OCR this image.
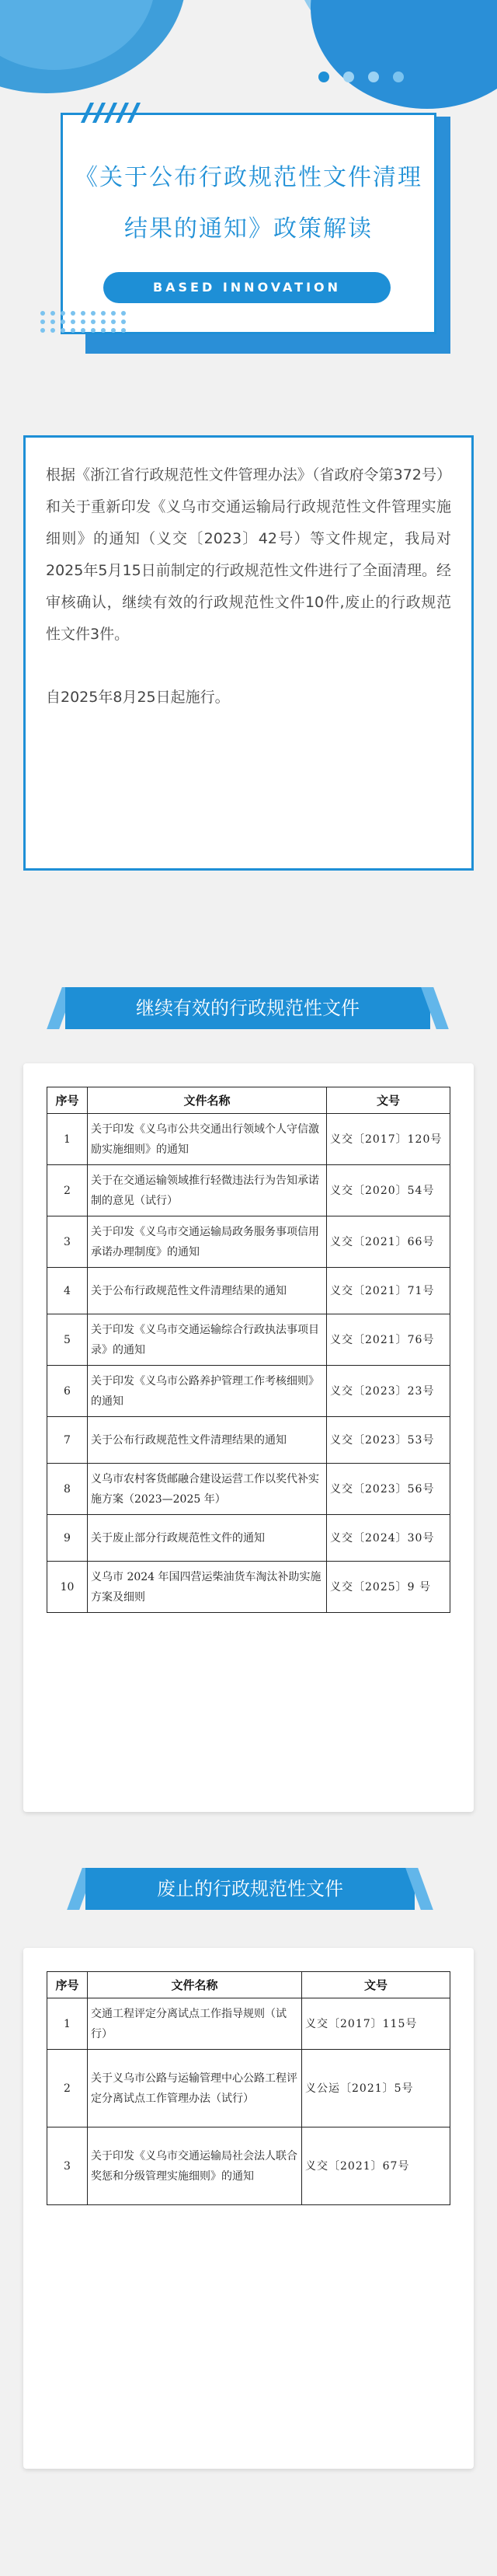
《关于公布行政规范性文件清理结果的通知》政策解读
BASED INNOVATION

根据《浙江省行政规范性文件管理办法》（省政府令第372号）和关于重新印发《义乌市交通运输局行政规范性文件管理实施细则》的通知（义交〔2023〕42号）等文件规定，我局对2025年5月15日前制定的行政规范性文件进行了全面清理。经审核确认，继续有效的行政规范性文件10件,废止的行政规范性文件3件。

自2025年8月25日起施行。

继续有效的行政规范性文件
序号	文件名称	文号
1	关于印发《义乌市公共交通出行领域个人守信激励实施细则》的通知	义交〔2017〕120号
2	关于在交通运输领域推行轻微违法行为告知承诺制的意见（试行）	义交〔2020〕54号
3	关于印发《义乌市交通运输局政务服务事项信用承诺办理制度》的通知	义交〔2021〕66号
4	关于公布行政规范性文件清理结果的通知	义交〔2021〕71号
5	关于印发《义乌市交通运输综合行政执法事项目录》的通知	义交〔2021〕76号
6	关于印发《义乌市公路养护管理工作考核细则》的通知	义交〔2023〕23号
7	关于公布行政规范性文件清理结果的通知	义交〔2023〕53号
8	义乌市农村客货邮融合建设运营工作以奖代补实施方案（2023—2025 年）	义交〔2023〕56号
9	关于废止部分行政规范性文件的通知	义交〔2024〕30号
10	义乌市 2024 年国四营运柴油货车淘汰补助实施方案及细则	义交〔2025〕9 号
废止的行政规范性文件
序号	文件名称	文号
1	交通工程评定分离试点工作指导规则（试行）	义交〔2017〕115号
2	关于义乌市公路与运输管理中心公路工程评定分离试点工作管理办法（试行）	义公运〔2021〕5号
3	关于印发《义乌市交通运输局社会法人联合奖惩和分级管理实施细则》的通知	义交〔2021〕67号
